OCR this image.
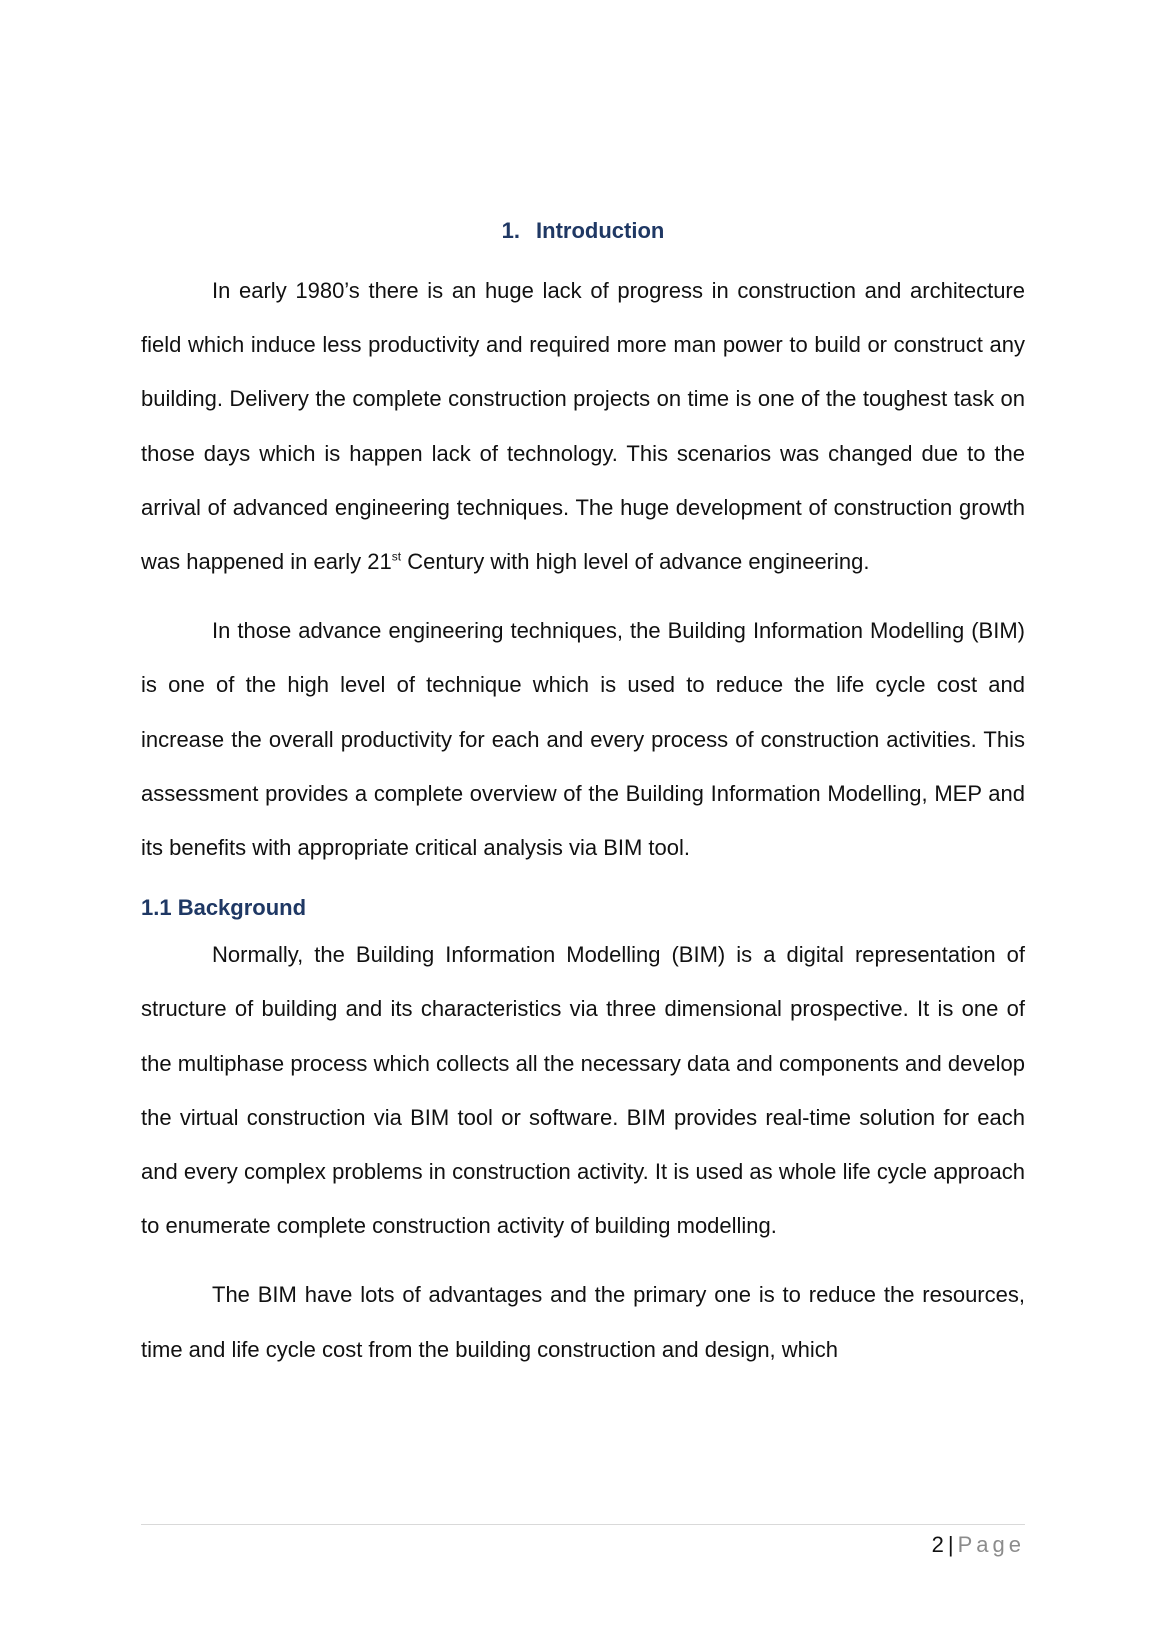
1. Introduction

In early 1980’s there is an huge lack of progress in construction and architecture field which induce less productivity and required more man power to build or construct any building. Delivery the complete construction projects on time is one of the toughest task on those days which is happen lack of technology. This scenarios was changed due to the arrival of advanced engineering techniques. The huge development of construction growth was happened in early 21st Century with high level of advance engineering.

In those advance engineering techniques, the Building Information Modelling (BIM) is one of the high level of technique which is used to reduce the life cycle cost and increase the overall productivity for each and every process of construction activities. This assessment provides a complete overview of the Building Information Modelling, MEP and its benefits with appropriate critical analysis via BIM tool.

1.1 Background

Normally, the Building Information Modelling (BIM) is a digital representation of structure of building and its characteristics via three dimensional prospective. It is one of the multiphase process which collects all the necessary data and components and develop the virtual construction via BIM tool or software. BIM provides real-time solution for each and every complex problems in construction activity. It is used as whole life cycle approach to enumerate complete construction activity of building modelling.

The BIM have lots of advantages and the primary one is to reduce the resources, time and life cycle cost from the building construction and design, which

2 | Page
